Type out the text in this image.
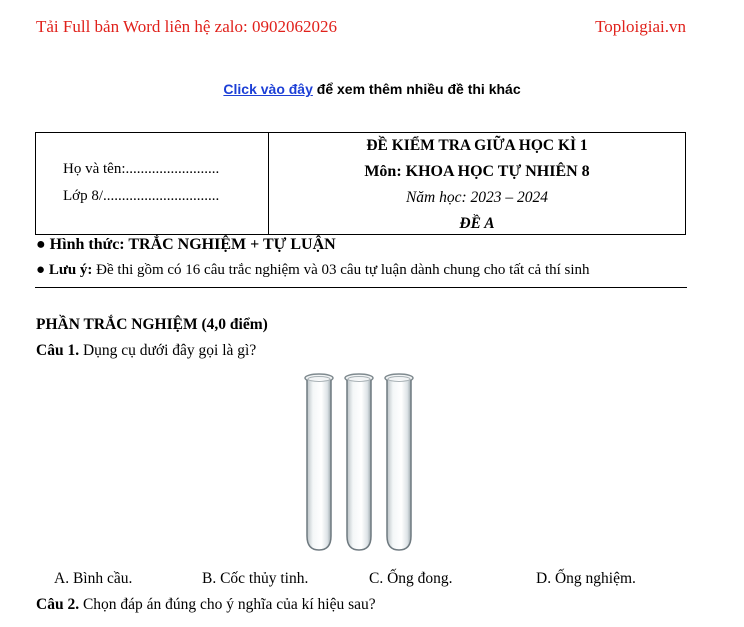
Tải Full bản Word liên hệ zalo: 0902062026	Toploigiai.vn
Click vào đây để xem thêm nhiều đề thi khác
Họ và tên:.........................
Lớp 8/...............................
ĐỀ KIỂM TRA GIỮA HỌC KÌ 1
Môn: KHOA HỌC TỰ NHIÊN 8
Năm học: 2023 – 2024
ĐỀ A
● Hình thức: TRẮC NGHIỆM + TỰ LUẬN
● Lưu ý: Đề thi gồm có 16 câu trắc nghiệm và 03 câu tự luận dành chung cho tất cả thí sinh
PHẦN TRẮC NGHIỆM (4,0 điểm)
Câu 1. Dụng cụ dưới đây gọi là gì?
A. Bình cầu.	B. Cốc thủy tinh.	C. Ống đong.	D. Ống nghiệm.
Câu 2. Chọn đáp án đúng cho ý nghĩa của kí hiệu sau?
